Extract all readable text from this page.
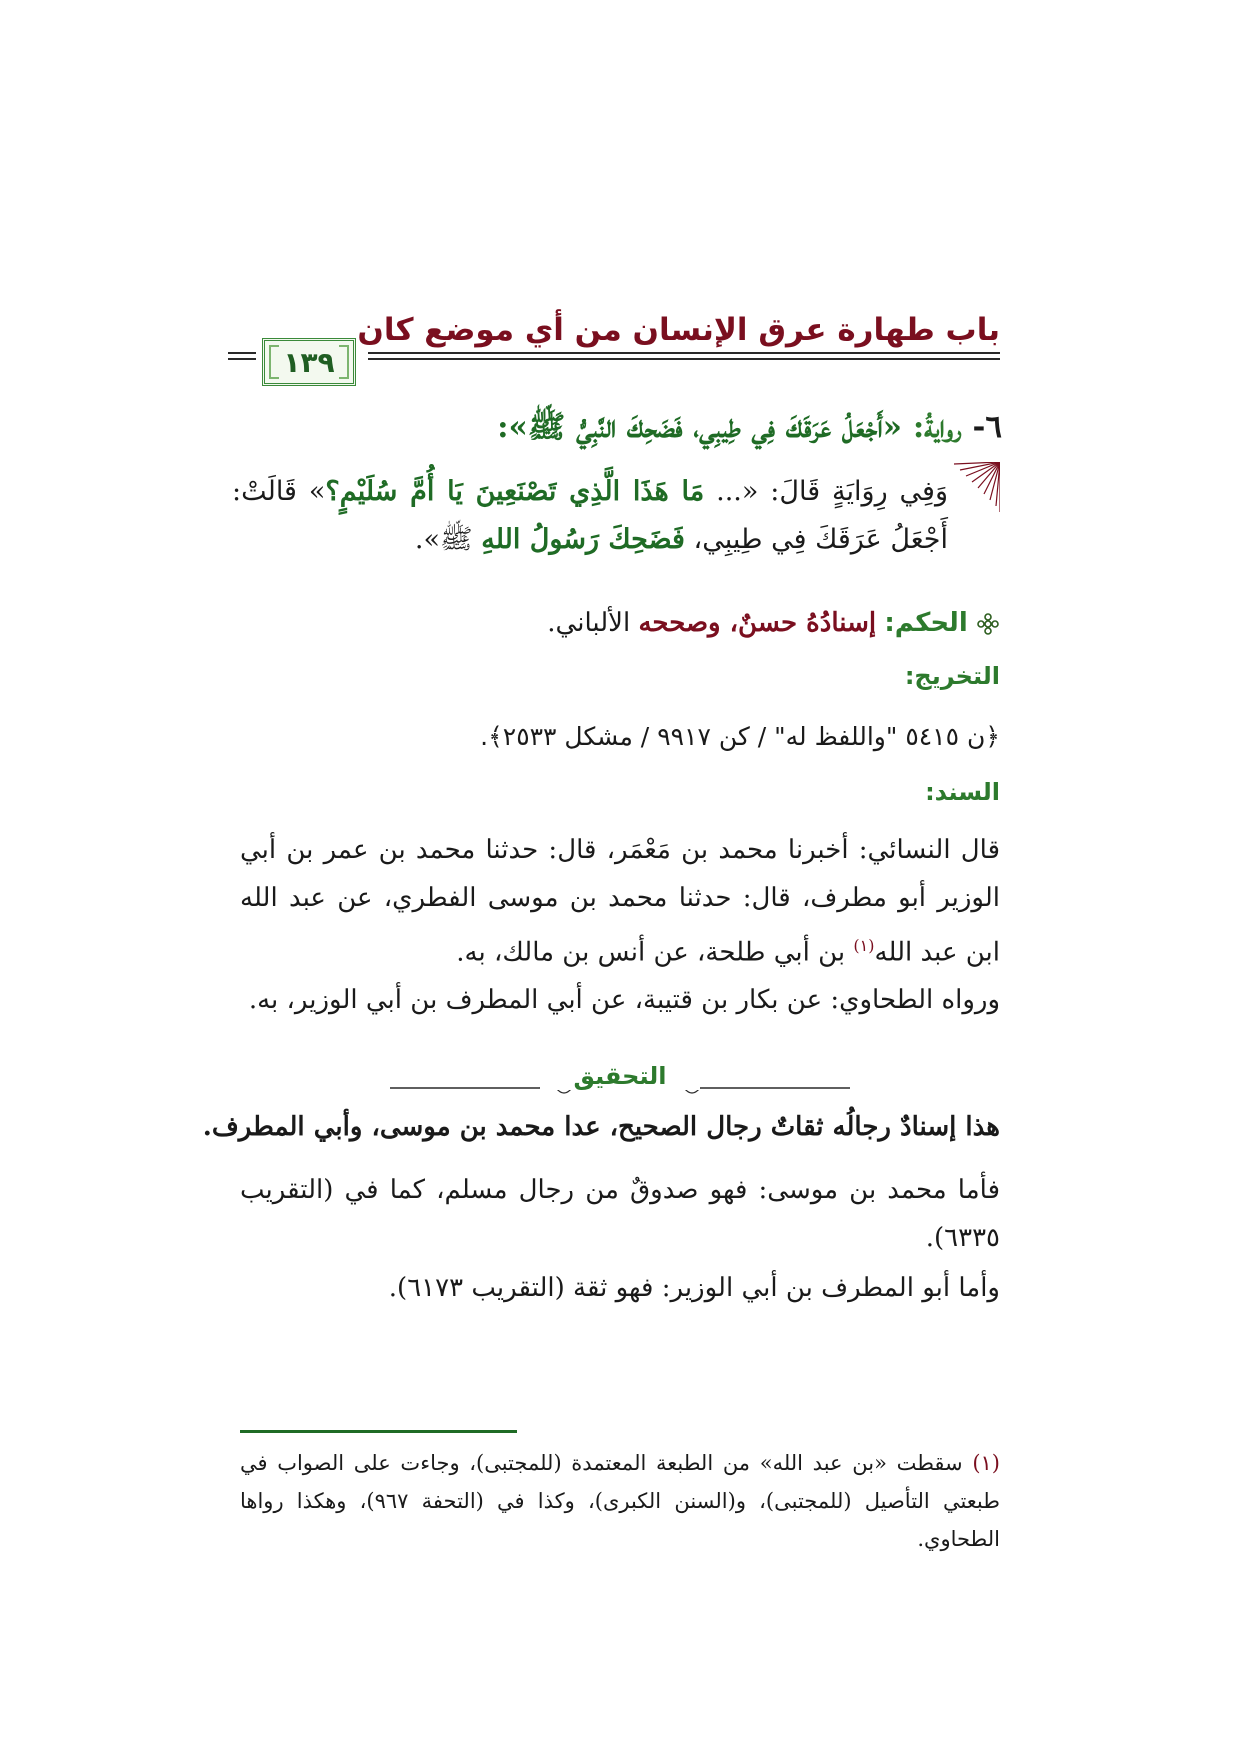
باب طهارة عرق الإنسان من أي موضع كان
١٣٩
٦- روايةُ: «أَجْعَلُ عَرَقَكَ فِي طِيبِي، فَضَحِكَ النَّبِيُّ ﷺ»:
وَفِي رِوَايَةٍ قَالَ: «... مَا هَذَا الَّذِي تَصْنَعِينَ يَا أُمَّ سُلَيْمٍ؟» قَالَتْ: أَجْعَلُ عَرَقَكَ فِي طِيبِي، فَضَحِكَ رَسُولُ اللهِ ﷺ».
الحكم: إسنادُهُ حسنٌ، وصححه الألباني.
التخريج:
﴿ن ٥٤١٥ "واللفظ له" / كن ٩٩١٧ / مشكل ٢٥٣٣﴾.
السند:
قال النسائي: أخبرنا محمد بن مَعْمَر، قال: حدثنا محمد بن عمر بن أبي الوزير أبو مطرف، قال: حدثنا محمد بن موسى الفطري، عن عبد الله ابن عبد الله$^{(١)}$ بن أبي طلحة، عن أنس بن مالك، به.
ورواه الطحاوي: عن بكار بن قتيبة، عن أبي المطرف بن أبي الوزير، به.
التحقيق
هذا إسنادٌ رجالُه ثقاتٌ رجال الصحيح، عدا محمد بن موسى، وأبي المطرف.
فأما محمد بن موسى: فهو صدوقٌ من رجال مسلم، كما في (التقريب ٦٣٣٥).
وأما أبو المطرف بن أبي الوزير: فهو ثقة (التقريب ٦١٧٣).
(١) سقطت «بن عبد الله» من الطبعة المعتمدة (للمجتبى)، وجاءت على الصواب في طبعتي التأصيل (للمجتبى)، و(السنن الكبرى)، وكذا في (التحفة ٩٦٧)، وهكذا رواها الطحاوي.
